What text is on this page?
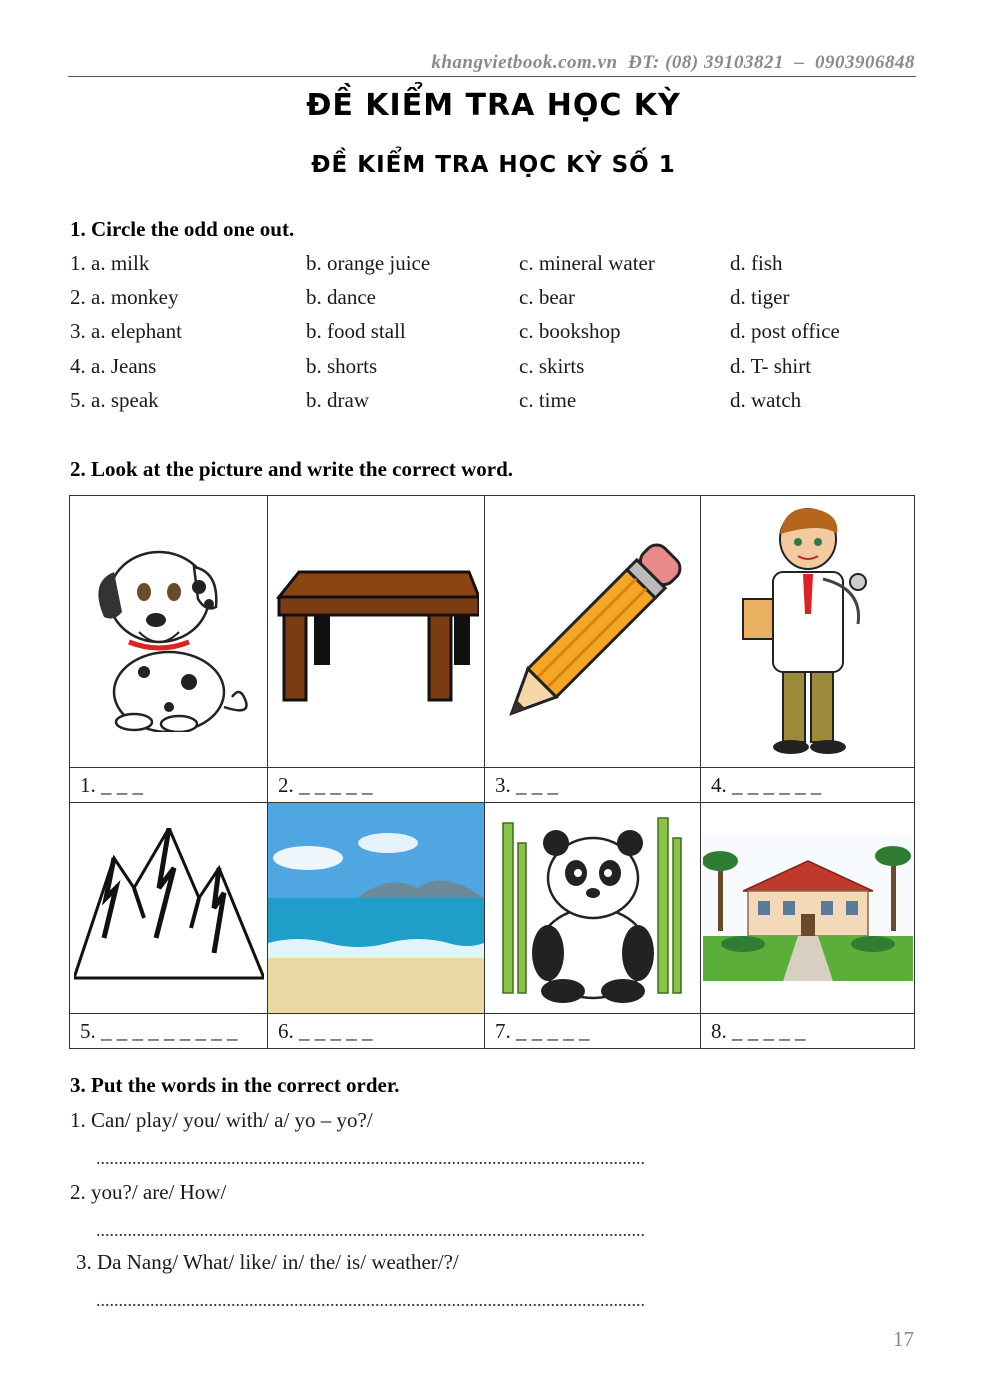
khangvietbook.com.vn ĐT: (08) 39103821  –  0903906848
ĐỀ KIỂM TRA HỌC KỲ
ĐỀ KIỂM TRA HỌC KỲ SỐ 1
1. Circle the odd one out.
1. a. milk	b. orange juice	c. mineral water	d. fish
2. a. monkey	b. dance	c. bear	d. tiger
3. a. elephant	b. food stall	c. bookshop	d. post office
4. a. Jeans	b. shorts	c. skirts	d. T- shirt
5. a. speak	b. draw	c. time	d. watch
2. Look at the picture and write the correct word.

1. _ _ _	2. _ _ _ _ _	3. _ _ _	4. _ _ _ _ _ _

5. _ _ _ _ _ _ _ _ _	6. _ _ _ _ _	7. _ _ _ _ _	8. _ _ _ _ _
3. Put the words in the correct order.
1. Can/ play/ you/ with/ a/ yo – yo?/
..........................................................................................................................
2. you?/ are/ How/
..........................................................................................................................
3. Da Nang/ What/ like/ in/ the/ is/ weather/?/
..........................................................................................................................
17
